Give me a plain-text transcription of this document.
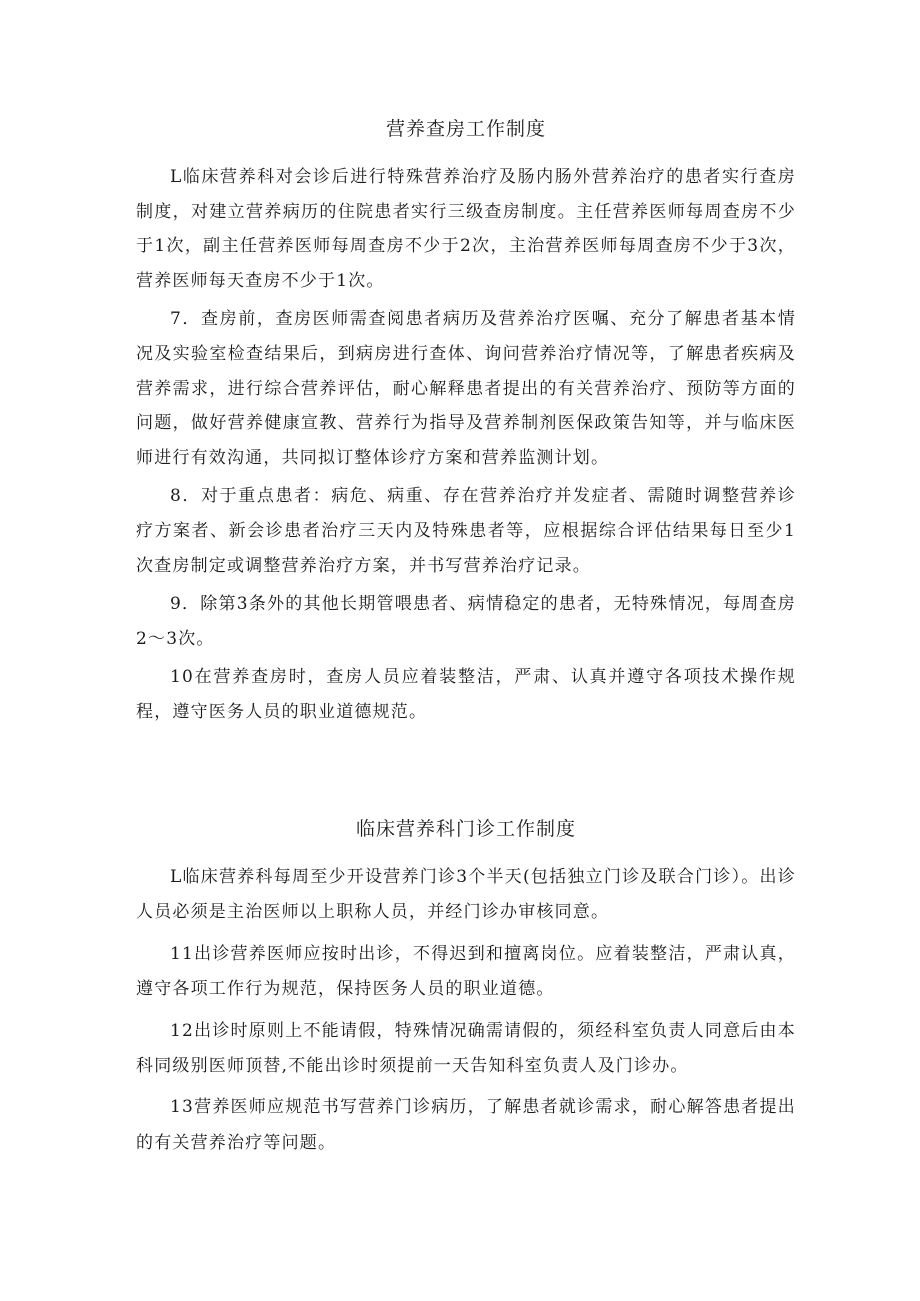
营养查房工作制度

L临床营养科对会诊后进行特殊营养治疗及肠内肠外营养治疗的患者实行查房制度，对建立营养病历的住院患者实行三级查房制度。主任营养医师每周查房不少于1次，副主任营养医师每周查房不少于2次，主治营养医师每周查房不少于3次，营养医师每天查房不少于1次。

7．查房前，查房医师需查阅患者病历及营养治疗医嘱、充分了解患者基本情况及实验室检查结果后，到病房进行查体、询问营养治疗情况等，了解患者疾病及营养需求，进行综合营养评估，耐心解释患者提出的有关营养治疗、预防等方面的问题，做好营养健康宣教、营养行为指导及营养制剂医保政策告知等，并与临床医师进行有效沟通，共同拟订整体诊疗方案和营养监测计划。

8．对于重点患者：病危、病重、存在营养治疗并发症者、需随时调整营养诊疗方案者、新会诊患者治疗三天内及特殊患者等，应根据综合评估结果每日至少1次查房制定或调整营养治疗方案，并书写营养治疗记录。

9．除第3条外的其他长期管喂患者、病情稳定的患者，无特殊情况，每周查房2～3次。

10在营养查房时，查房人员应着装整洁，严肃、认真并遵守各项技术操作规程，遵守医务人员的职业道德规范。

临床营养科门诊工作制度

L临床营养科每周至少开设营养门诊3个半天(包括独立门诊及联合门诊）。出诊人员必须是主治医师以上职称人员，并经门诊办审核同意。

11出诊营养医师应按时出诊，不得迟到和擅离岗位。应着装整洁，严肃认真，遵守各项工作行为规范，保持医务人员的职业道德。

12出诊时原则上不能请假，特殊情况确需请假的，须经科室负责人同意后由本科同级别医师顶替,不能出诊时须提前一天告知科室负责人及门诊办。

13营养医师应规范书写营养门诊病历，了解患者就诊需求，耐心解答患者提出的有关营养治疗等问题。
